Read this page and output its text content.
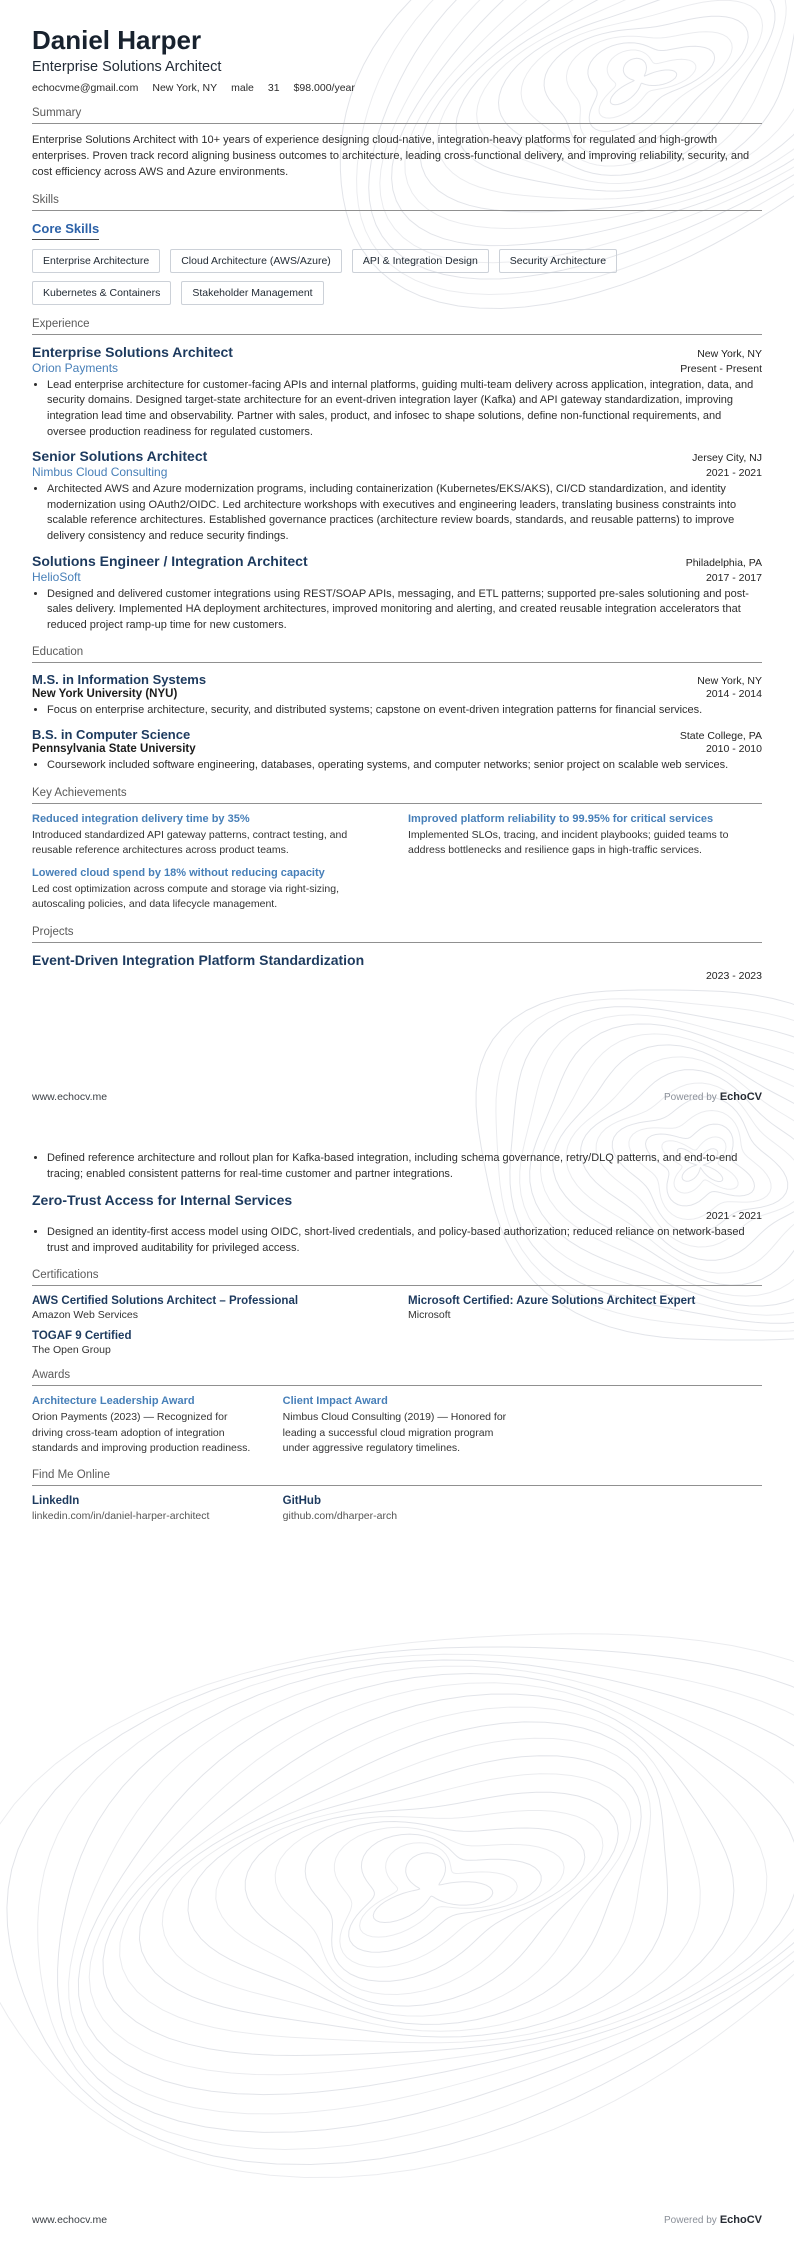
Daniel Harper
Enterprise Solutions Architect
echocvme@gmail.com New York, NY male 31 $98.000/year
Summary

Enterprise Solutions Architect with 10+ years of experience designing cloud-native, integration-heavy platforms for regulated and high-growth enterprises. Proven track record aligning business outcomes to architecture, leading cross-functional delivery, and improving reliability, security, and cost efficiency across AWS and Azure environments.

Skills
Core Skills
Enterprise Architecture	Cloud Architecture (AWS/Azure)	API & Integration Design	Security Architecture
Kubernetes & Containers	Stakeholder Management
Experience
Enterprise Solutions Architect	New York, NY
Orion Payments	Present - Present
• Lead enterprise architecture for customer-facing APIs and internal platforms, guiding multi-team delivery across application, integration, data, and security domains. Designed target-state architecture for an event-driven integration layer (Kafka) and API gateway standardization, improving integration lead time and observability. Partner with sales, product, and infosec to shape solutions, define non-functional requirements, and oversee production readiness for regulated customers.
Senior Solutions Architect	Jersey City, NJ
Nimbus Cloud Consulting	2021 - 2021
• Architected AWS and Azure modernization programs, including containerization (Kubernetes/EKS/AKS), CI/CD standardization, and identity modernization using OAuth2/OIDC. Led architecture workshops with executives and engineering leaders, translating business constraints into scalable reference architectures. Established governance practices (architecture review boards, standards, and reusable patterns) to improve delivery consistency and reduce security findings.
Solutions Engineer / Integration Architect	Philadelphia, PA
HelioSoft	2017 - 2017
• Designed and delivered customer integrations using REST/SOAP APIs, messaging, and ETL patterns; supported pre-sales solutioning and post-sales delivery. Implemented HA deployment architectures, improved monitoring and alerting, and created reusable integration accelerators that reduced project ramp-up time for new customers.
Education
M.S. in Information Systems	New York, NY
New York University (NYU)	2014 - 2014
• Focus on enterprise architecture, security, and distributed systems; capstone on event-driven integration patterns for financial services.
B.S. in Computer Science	State College, PA
Pennsylvania State University	2010 - 2010
• Coursework included software engineering, databases, operating systems, and computer networks; senior project on scalable web services.
Key Achievements
Reduced integration delivery time by 35%

Introduced standardized API gateway patterns, contract testing, and reusable reference architectures across product teams.

Improved platform reliability to 99.95% for critical services

Implemented SLOs, tracing, and incident playbooks; guided teams to address bottlenecks and resilience gaps in high-traffic services.

Lowered cloud spend by 18% without reducing capacity

Led cost optimization across compute and storage via right-sizing, autoscaling policies, and data lifecycle management.

Projects
Event-Driven Integration Platform Standardization
2023 - 2023
www.echocv.me	Powered by EchoCV
• Defined reference architecture and rollout plan for Kafka-based integration, including schema governance, retry/DLQ patterns, and end-to-end tracing; enabled consistent patterns for real-time customer and partner integrations.
Zero-Trust Access for Internal Services
2021 - 2021
• Designed an identity-first access model using OIDC, short-lived credentials, and policy-based authorization; reduced reliance on network-based trust and improved auditability for privileged access.
Certifications
AWS Certified Solutions Architect – Professional
Amazon Web Services
Microsoft Certified: Azure Solutions Architect Expert
Microsoft
TOGAF 9 Certified
The Open Group
Awards
Architecture Leadership Award

Orion Payments (2023) — Recognized for driving cross-team adoption of integration standards and improving production readiness.

Client Impact Award

Nimbus Cloud Consulting (2019) — Honored for leading a successful cloud migration program under aggressive regulatory timelines.

Find Me Online
LinkedIn
linkedin.com/in/daniel-harper-architect
GitHub
github.com/dharper-arch
www.echocv.me	Powered by EchoCV
